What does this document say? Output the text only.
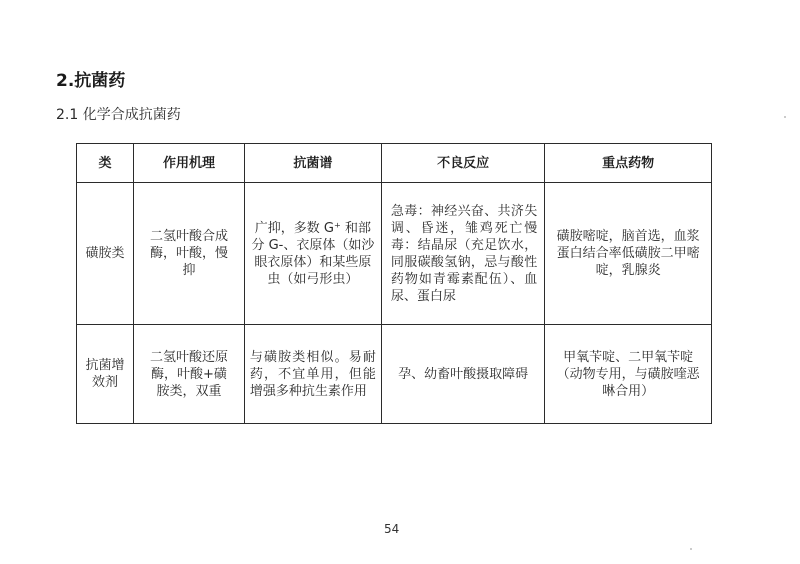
2.抗菌药
2.1 化学合成抗菌药
类	作用机理	抗菌谱	不良反应	重点药物

磺胺类	二氢叶酸合成酶，叶酸，慢抑	广抑，多数 G⁺ 和部分 G-、衣原体（如沙眼衣原体）和某些原虫（如弓形虫）	急毒：神经兴奋、共济失调、昏迷，雏鸡死亡慢毒：结晶尿（充足饮水，同服碳酸氢钠，忌与酸性药物如青霉素配伍）、血尿、蛋白尿	磺胺嘧啶，脑首选，血浆蛋白结合率低磺胺二甲嘧啶，乳腺炎

抗菌增效剂	二氢叶酸还原酶，叶酸+磺胺类，双重	与磺胺类相似。易耐药，不宜单用，但能增强多种抗生素作用	孕、幼畜叶酸摄取障碍	甲氧苄啶、二甲氧苄啶（动物专用，与磺胺喹恶啉合用）
54
